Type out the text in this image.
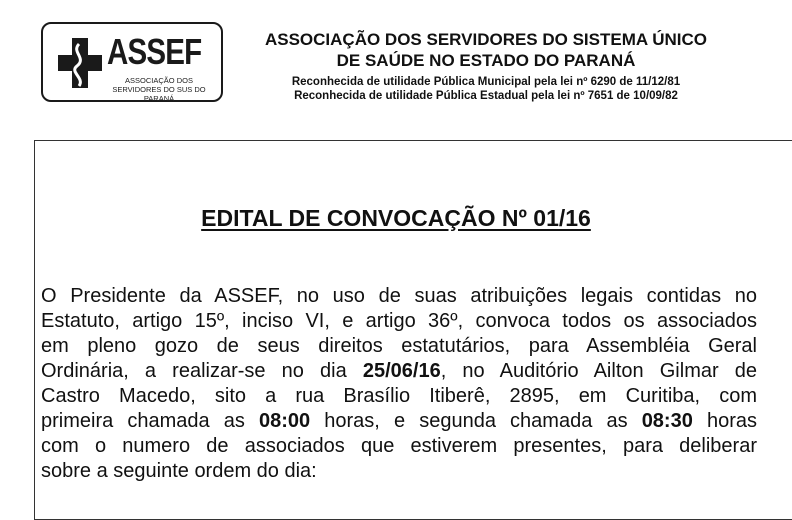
ASSEF
ASSOCIAÇÃO DOS SERVIDORES DO SUS DO PARANÁ

ASSOCIAÇÃO DOS SERVIDORES DO SISTEMA ÚNICO

DE SAÚDE NO ESTADO DO PARANÁ

Reconhecida de utilidade Pública Municipal pela lei nº 6290 de 11/12/81

Reconhecida de utilidade Pública Estadual pela lei nº 7651 de 10/09/82

EDITAL DE CONVOCAÇÃO Nº 01/16

O Presidente da ASSEF, no uso de suas atribuições legais contidas no
Estatuto, artigo 15º, inciso VI, e artigo 36º, convoca todos os associados
em pleno gozo de seus direitos estatutários, para Assembléia Geral
Ordinária, a realizar-se no dia 25/06/16, no Auditório Ailton Gilmar de
Castro Macedo, sito a rua Brasílio Itiberê, 2895, em Curitiba, com
primeira chamada as 08:00 horas, e segunda chamada as 08:30 horas
com o numero de associados que estiverem presentes, para deliberar
sobre a seguinte ordem do dia:
